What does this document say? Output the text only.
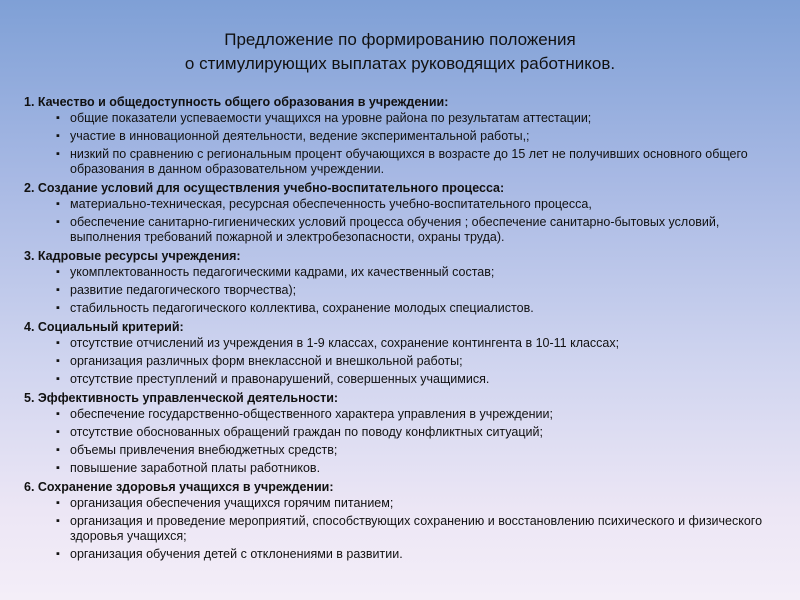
Предложение по формированию положения
о стимулирующих выплатах руководящих работников.
1. Качество и общедоступность общего образования в учреждении:
▪ общие показатели успеваемости учащихся на уровне района по результатам аттестации;
▪ участие в инновационной деятельности, ведение экспериментальной работы,;
▪ низкий по сравнению с региональным процент обучающихся в возрасте до 15 лет не получивших основного общего образования в данном образовательном учреждении.
2. Создание условий для осуществления учебно-воспитательного процесса:
▪ материально-техническая, ресурсная обеспеченность учебно-воспитательного процесса,
▪ обеспечение санитарно-гигиенических условий процесса обучения ; обеспечение санитарно-бытовых условий, выполнения требований пожарной и электробезопасности, охраны труда).
3. Кадровые ресурсы учреждения:
▪ укомплектованность педагогическими кадрами, их качественный состав;
▪ развитие педагогического творчества);
▪ стабильность педагогического коллектива, сохранение молодых специалистов.
4. Социальный критерий:
▪ отсутствие отчислений из учреждения в 1-9 классах, сохранение контингента в 10-11 классах;
▪ организация различных форм внеклассной и внешкольной работы;
▪ отсутствие преступлений и правонарушений, совершенных учащимися.
5. Эффективность управленческой деятельности:
▪ обеспечение государственно-общественного характера управления в учреждении;
▪ отсутствие обоснованных обращений граждан по поводу конфликтных ситуаций;
▪ объемы привлечения внебюджетных средств;
▪ повышение заработной платы работников.
6. Сохранение здоровья учащихся в учреждении:
▪ организация обеспечения учащихся горячим питанием;
▪ организация и проведение мероприятий, способствующих сохранению и восстановлению психического и физического здоровья учащихся;
▪ организация обучения детей с отклонениями в развитии.
